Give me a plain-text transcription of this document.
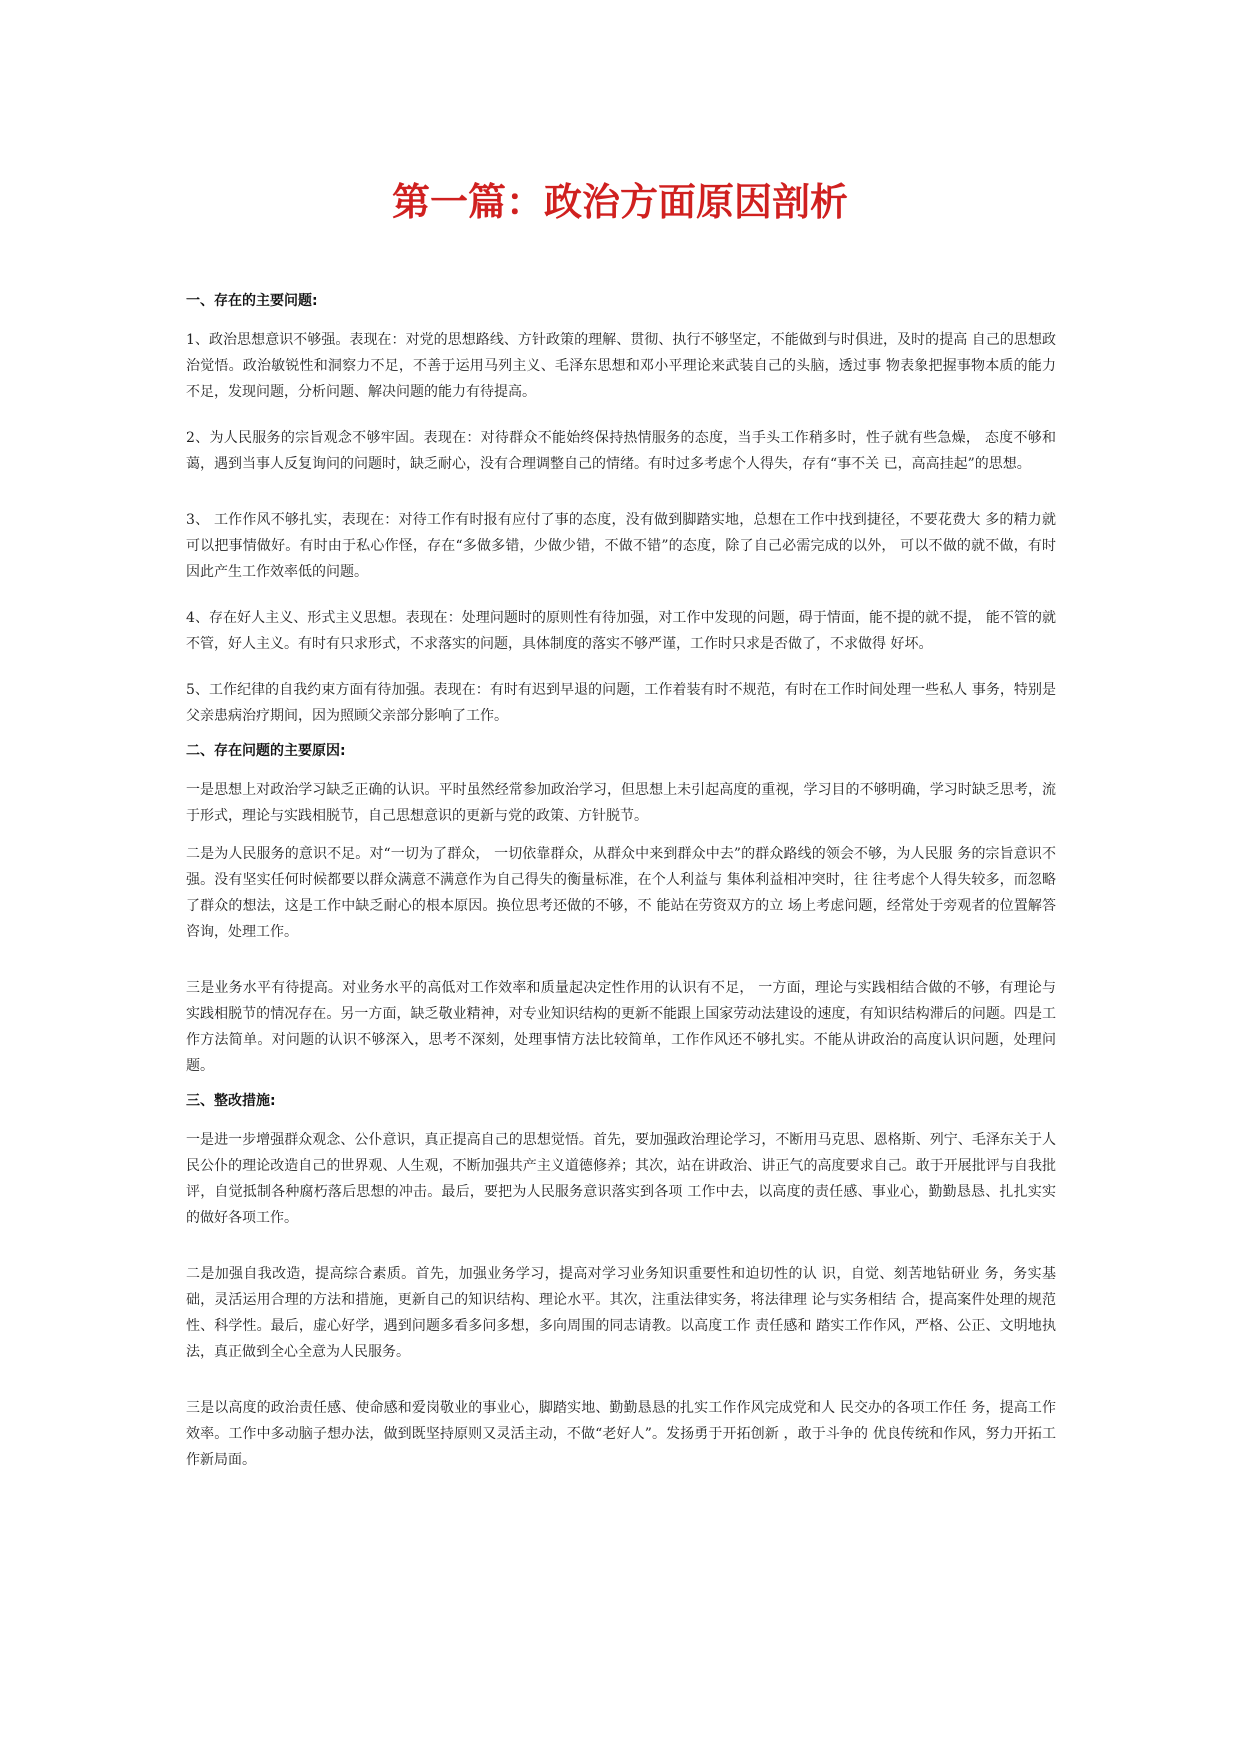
第一篇：政治方面原因剖析

一、存在的主要问题:

1、政治思想意识不够强。表现在：对党的思想路线、方针政策的理解、贯彻、执行不够坚定，不能做到与时俱进，及时的提高 自己的思想政治觉悟。政治敏锐性和洞察力不足，不善于运用马列主义、毛泽东思想和邓小平理论来武装自己的头脑，透过事 物表象把握事物本质的能力不足，发现问题，分析问题、解决问题的能力有待提高。

2、为人民服务的宗旨观念不够牢固。表现在：对待群众不能始终保持热情服务的态度，当手头工作稍多时，性子就有些急燥， 态度不够和蔼，遇到当事人反复询问的问题时，缺乏耐心，没有合理调整自己的情绪。有时过多考虑个人得失，存有“事不关 已，高高挂起”的思想。

3、 工作作风不够扎实，表现在：对待工作有时报有应付了事的态度，没有做到脚踏实地，总想在工作中找到捷径，不要花费大 多的精力就可以把事情做好。有时由于私心作怪，存在“多做多错，少做少错，不做不错”的态度，除了自己必需完成的以外， 可以不做的就不做，有时因此产生工作效率低的问题。

4、存在好人主义、形式主义思想。表现在：处理问题时的原则性有待加强，对工作中发现的问题，碍于情面，能不提的就不提， 能不管的就不管，好人主义。有时有只求形式，不求落实的问题，具体制度的落实不够严谨，工作时只求是否做了，不求做得 好坏。

5、工作纪律的自我约束方面有待加强。表现在：有时有迟到早退的问题，工作着装有时不规范，有时在工作时间处理一些私人 事务，特别是父亲患病治疗期间，因为照顾父亲部分影响了工作。

二、存在问题的主要原因:

一是思想上对政治学习缺乏正确的认识。平时虽然经常参加政治学习，但思想上未引起高度的重视，学习目的不够明确，学习时缺乏思考，流于形式，理论与实践相脱节，自己思想意识的更新与党的政策、方针脱节。

二是为人民服务的意识不足。对“一切为了群众， 一切依靠群众，从群众中来到群众中去”的群众路线的领会不够，为人民服 务的宗旨意识不强。没有坚实任何时候都要以群众满意不满意作为自己得失的衡量标准，在个人利益与 集体利益相冲突时，往 往考虑个人得失较多，而忽略了群众的想法，这是工作中缺乏耐心的根本原因。换位思考还做的不够，不 能站在劳资双方的立 场上考虑问题，经常处于旁观者的位置解答咨询，处理工作。

三是业务水平有待提高。对业务水平的高低对工作效率和质量起决定性作用的认识有不足， 一方面，理论与实践相结合做的不够，有理论与实践相脱节的情况存在。另一方面，缺乏敬业精神，对专业知识结构的更新不能跟上国家劳动法建设的速度，有知识结构滞后的问题。四是工作方法简单。对问题的认识不够深入，思考不深刻，处理事情方法比较简单，工作作风还不够扎实。不能从讲政治的高度认识问题，处理问题。

三、整改措施:

一是进一步增强群众观念、公仆意识，真正提高自己的思想觉悟。首先，要加强政治理论学习，不断用马克思、恩格斯、列宁、毛泽东关于人民公仆的理论改造自己的世界观、人生观，不断加强共产主义道德修养；其次，站在讲政治、讲正气的高度要求自己。敢于开展批评与自我批评，自觉抵制各种腐朽落后思想的冲击。最后，要把为人民服务意识落实到各项 工作中去，以高度的责任感、事业心，勤勤恳恳、扎扎实实的做好各项工作。

二是加强自我改造，提高综合素质。首先，加强业务学习，提高对学习业务知识重要性和迫切性的认 识，自觉、刻苦地钻研业 务，务实基础，灵活运用合理的方法和措施，更新自己的知识结构、理论水平。其次，注重法律实务，将法律理 论与实务相结 合，提高案件处理的规范性、科学性。最后，虚心好学，遇到问题多看多问多想，多向周围的同志请教。以高度工作 责任感和 踏实工作作风，严格、公正、文明地执法，真正做到全心全意为人民服务。

三是以高度的政治责任感、使命感和爱岗敬业的事业心，脚踏实地、勤勤恳恳的扎实工作作风完成党和人 民交办的各项工作任 务，提高工作效率。工作中多动脑子想办法，做到既坚持原则又灵活主动，不做“老好人”。发扬勇于开拓创新 ，敢于斗争的 优良传统和作风，努力开拓工作新局面。
